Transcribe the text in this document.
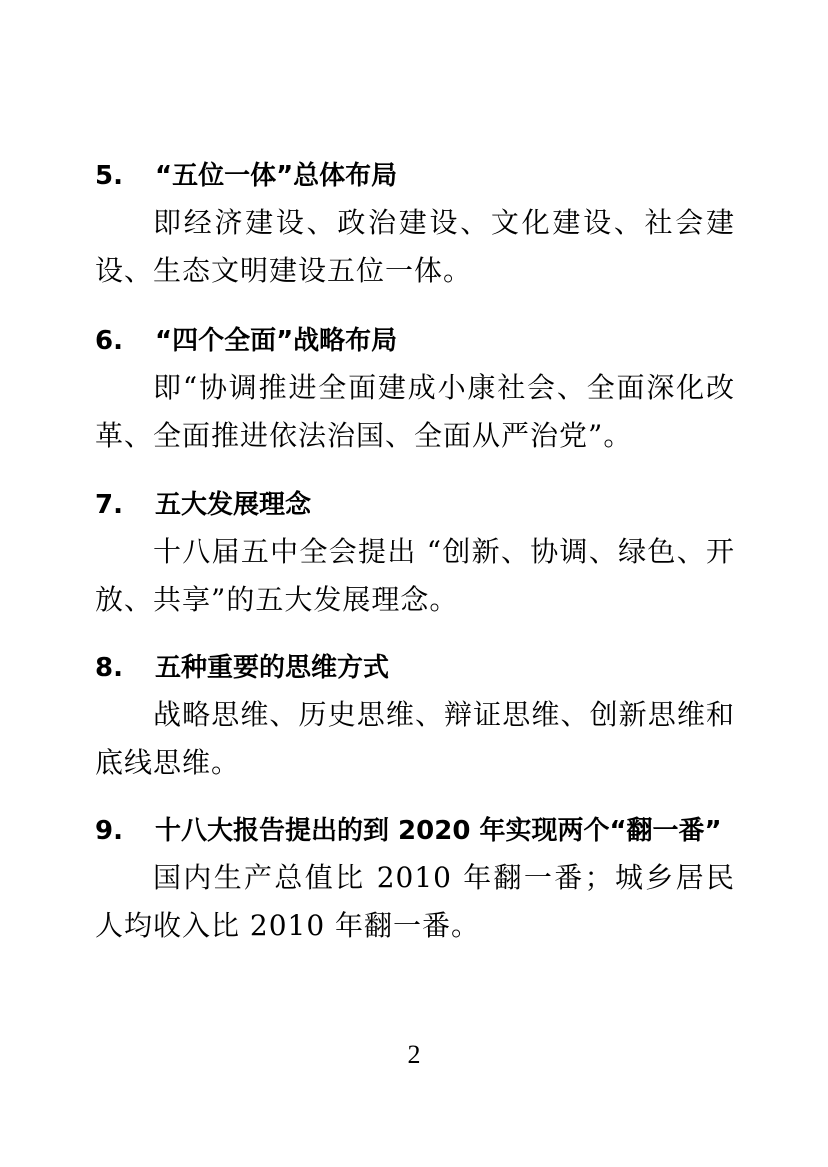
5. “五位一体”总体布局
即经济建设、政治建设、文化建设、社会建设、生态文明建设五位一体。
6. “四个全面”战略布局
即“协调推进全面建成小康社会、全面深化改革、全面推进依法治国、全面从严治党”。
7. 五大发展理念
十八届五中全会提出 “创新、协调、绿色、开放、共享”的五大发展理念。
8. 五种重要的思维方式
战略思维、历史思维、辩证思维、创新思维和底线思维。
9. 十八大报告提出的到 2020 年实现两个“翻一番”
国内生产总值比 2010 年翻一番；城乡居民人均收入比 2010 年翻一番。
2
